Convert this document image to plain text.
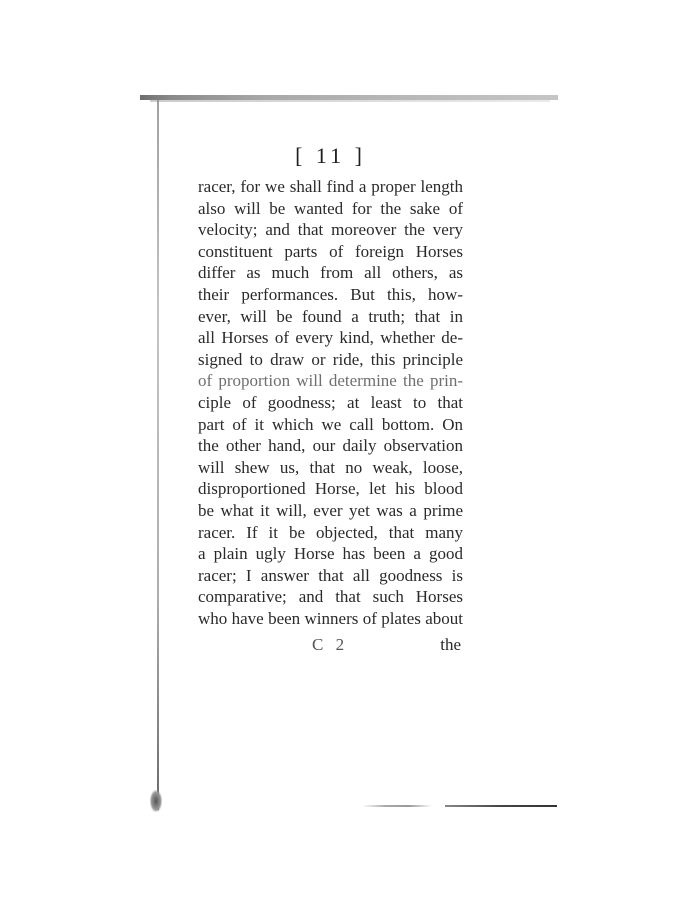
[ 11 ]
racer, for we shall find a proper length
also will be wanted for the sake of
velocity; and that moreover the very
constituent parts of foreign Horses
differ as much from all others, as
their performances. But this, how-
ever, will be found a truth; that in
all Horses of every kind, whether de-
signed to draw or ride, this principle
of proportion will determine the prin-
ciple of goodness; at least to that
part of it which we call bottom. On
the other hand, our daily observation
will shew us, that no weak, loose,
disproportioned Horse, let his blood
be what it will, ever yet was a prime
racer. If it be objected, that many
a plain ugly Horse has been a good
racer; I answer that all goodness is
comparative; and that such Horses
who have been winners of plates about
C 2	the
